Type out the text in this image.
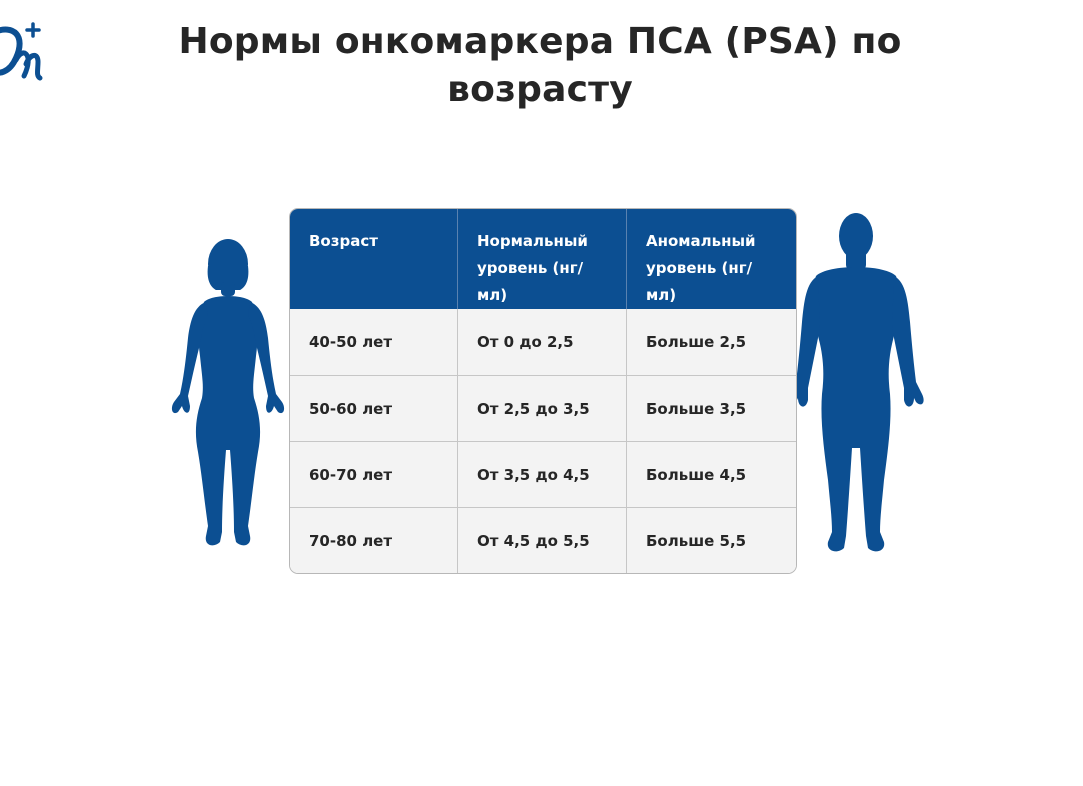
Нормы онкомаркера ПСА (PSA) по возрасту
Возраст	Нормальный уровень (нг/мл)	Аномальный уровень (нг/мл)
40-50 лет	От 0 до 2,5	Больше 2,5
50-60 лет	От 2,5 до 3,5	Больше 3,5
60-70 лет	От 3,5 до 4,5	Больше 4,5
70-80 лет	От 4,5 до 5,5	Больше 5,5
